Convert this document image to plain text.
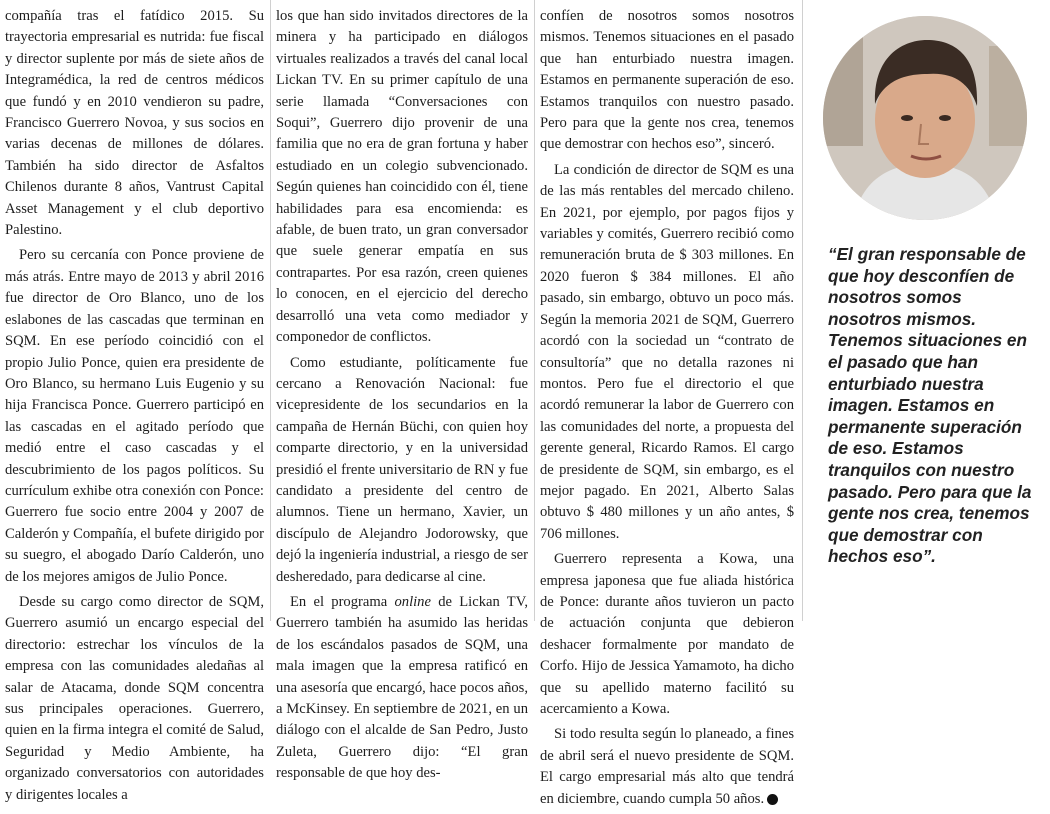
compañía tras el fatídico 2015. Su trayectoria empresarial es nutrida: fue fiscal y director suplente por más de siete años de Integramédica, la red de centros médicos que fundó y en 2010 vendieron su padre, Francisco Guerrero Novoa, y sus socios en varias decenas de millones de dólares. También ha sido director de Asfaltos Chilenos durante 8 años, Vantrust Capital Asset Management y el club deportivo Palestino.

Pero su cercanía con Ponce proviene de más atrás. Entre mayo de 2013 y abril 2016 fue director de Oro Blanco, uno de los eslabones de las cascadas que terminan en SQM. En ese período coincidió con el propio Julio Ponce, quien era presidente de Oro Blanco, su hermano Luis Eugenio y su hija Francisca Ponce. Guerrero participó en las cascadas en el agitado período que medió entre el caso cascadas y el descubrimiento de los pagos políticos. Su currículum exhibe otra conexión con Ponce: Guerrero fue socio entre 2004 y 2007 de Calderón y Compañía, el bufete dirigido por su suegro, el abogado Darío Calderón, uno de los mejores amigos de Julio Ponce.

Desde su cargo como director de SQM, Guerrero asumió un encargo especial del directorio: estrechar los vínculos de la empresa con las comunidades aledañas al salar de Atacama, donde SQM concentra sus principales operaciones. Guerrero, quien en la firma integra el comité de Salud, Seguridad y Medio Ambiente, ha organizado conversatorios con autoridades y dirigentes locales a

los que han sido invitados directores de la minera y ha participado en diálogos virtuales realizados a través del canal local Lickan TV. En su primer capítulo de una serie llamada “Conversaciones con Soqui”, Guerrero dijo provenir de una familia que no era de gran fortuna y haber estudiado en un colegio subvencionado. Según quienes han coincidido con él, tiene habilidades para esa encomienda: es afable, de buen trato, un gran conversador que suele generar empatía en sus contrapartes. Por esa razón, creen quienes lo conocen, en el ejercicio del derecho desarrolló una veta como mediador y componedor de conflictos.

Como estudiante, políticamente fue cercano a Renovación Nacional: fue vicepresidente de los secundarios en la campaña de Hernán Büchi, con quien hoy comparte directorio, y en la universidad presidió el frente universitario de RN y fue candidato a presidente del centro de alumnos. Tiene un hermano, Xavier, un discípulo de Alejandro Jodorowsky, que dejó la ingeniería industrial, a riesgo de ser desheredado, para dedicarse al cine.

En el programa online de Lickan TV, Guerrero también ha asumido las heridas de los escándalos pasados de SQM, una mala imagen que la empresa ratificó en una asesoría que encargó, hace pocos años, a McKinsey. En septiembre de 2021, en un diálogo con el alcalde de San Pedro, Justo Zuleta, Guerrero dijo: “El gran responsable de que hoy des-

confíen de nosotros somos nosotros mismos. Tenemos situaciones en el pasado que han enturbiado nuestra imagen. Estamos en permanente superación de eso. Estamos tranquilos con nuestro pasado. Pero para que la gente nos crea, tenemos que demostrar con hechos eso”, sinceró.

La condición de director de SQM es una de las más rentables del mercado chileno. En 2021, por ejemplo, por pagos fijos y variables y comités, Guerrero recibió como remuneración bruta de $ 303 millones. En 2020 fueron $ 384 millones. El año pasado, sin embargo, obtuvo un poco más. Según la memoria 2021 de SQM, Guerrero acordó con la sociedad un “contrato de consultoría” que no detalla razones ni montos. Pero fue el directorio el que acordó remunerar la labor de Guerrero con las comunidades del norte, a propuesta del gerente general, Ricardo Ramos. El cargo de presidente de SQM, sin embargo, es el mejor pagado. En 2021, Alberto Salas obtuvo $ 480 millones y un año antes, $ 706 millones.

Guerrero representa a Kowa, una empresa japonesa que fue aliada histórica de Ponce: durante años tuvieron un pacto de actuación conjunta que debieron deshacer formalmente por mandato de Corfo. Hijo de Jessica Yamamoto, ha dicho que su apellido materno facilitó su acercamiento a Kowa.

Si todo resulta según lo planeado, a fines de abril será el nuevo presidente de SQM. El cargo empresarial más alto que tendrá en diciembre, cuando cumpla 50 años. P

“El gran responsable de que hoy desconfíen de nosotros somos nosotros mismos. Tenemos situaciones en el pasado que han enturbiado nuestra imagen. Estamos en permanente superación de eso. Estamos tranquilos con nuestro pasado. Pero para que la gente nos crea, tenemos que demostrar con hechos eso”.
